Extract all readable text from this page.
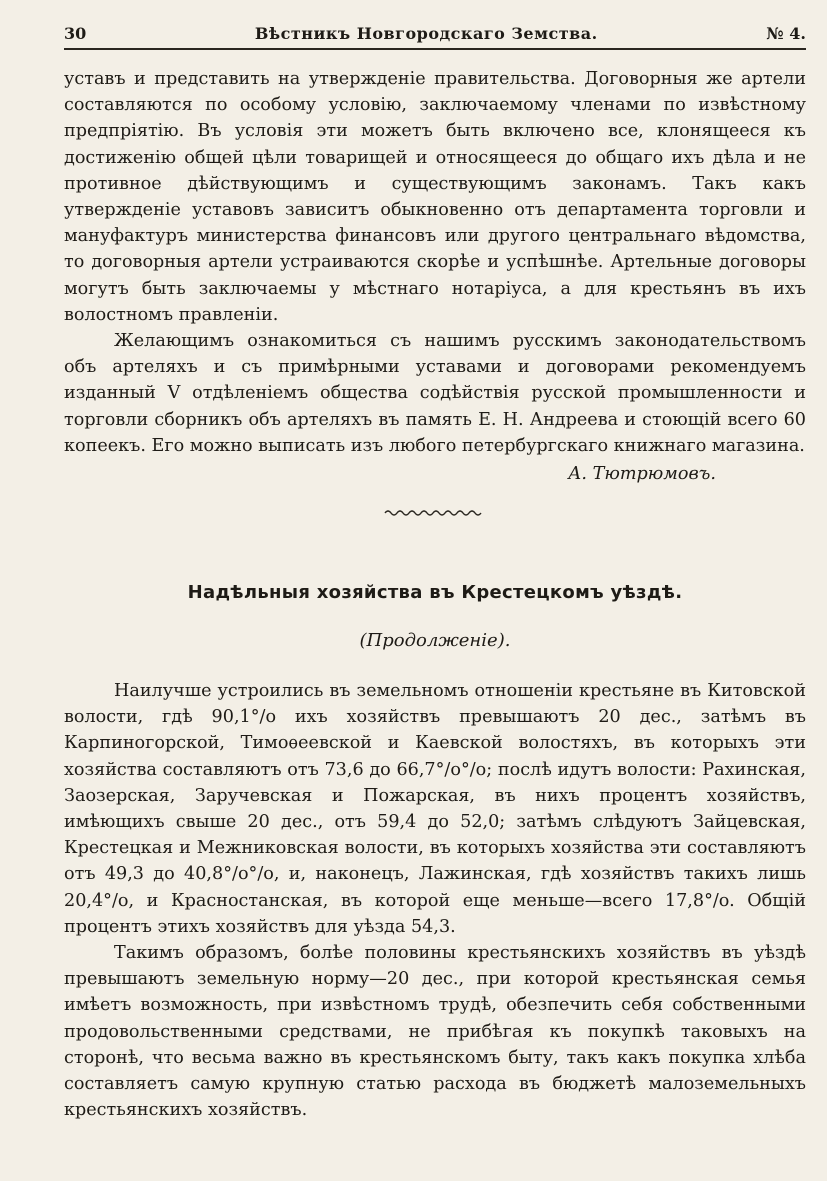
30	Вѣстникъ Новгородскаго Земства.	№ 4.

уставъ и представить на утвержденіе правительства. Договорныя же артели составляются по особому условію, заключаемому членами по извѣстному предпріятію. Въ условія эти можетъ быть включено все, клонящееся къ достиженію общей цѣли товарищей и относящееся до общаго ихъ дѣла и не противное дѣйствующимъ и существующимъ законамъ. Такъ какъ утвержденіе уставовъ зависитъ обыкновенно отъ департамента торговли и мануфактуръ министерства финансовъ или другого центральнаго вѣдомства, то договорныя артели устраиваются скорѣе и успѣшнѣе. Артельные договоры могутъ быть заключаемы у мѣстнаго нотаріуса, а для крестьянъ въ ихъ волостномъ правленіи.

Желающимъ ознакомиться съ нашимъ русскимъ законодательствомъ объ артеляхъ и съ примѣрными уставами и договорами рекомендуемъ изданный V отдѣленіемъ общества содѣйствія русской промышленности и торговли сборникъ объ артеляхъ въ память Е. Н. Андреева и стоющій всего 60 копеекъ. Его можно выписать изъ любого петербургскаго книжнаго магазина.

А. Тютрюмовъ.

Надѣльныя хозяйства въ Крестецкомъ уѣздѣ.
(Продолженіе).

Наилучше устроились въ земельномъ отношеніи крестьяне въ Китовской волости, гдѣ 90,1°/o ихъ хозяйствъ превышаютъ 20 дес., затѣмъ въ Карпиногорской, Тимоѳеевской и Каевской волостяхъ, въ которыхъ эти хозяйства составляютъ отъ 73,6 до 66,7°/o°/o; послѣ идутъ волости: Рахинская, Заозерская, Заручевская и Пожарская, въ нихъ процентъ хозяйствъ, имѣющихъ свыше 20 дес., отъ 59,4 до 52,0; затѣмъ слѣдуютъ Зайцевская, Крестецкая и Межниковская волости, въ которыхъ хозяйства эти составляютъ отъ 49,3 до 40,8°/o°/o, и, наконецъ, Лажинская, гдѣ хозяйствъ такихъ лишь 20,4°/o, и Красностанская, въ которой еще меньше—всего 17,8°/o. Общій процентъ этихъ хозяйствъ для уѣзда 54,3.

Такимъ образомъ, болѣе половины крестьянскихъ хозяйствъ въ уѣздѣ превышаютъ земельную норму—20 дес., при которой крестьянская семья имѣетъ возможность, при извѣстномъ трудѣ, обезпечить себя собственными продовольственными средствами, не прибѣгая къ покупкѣ таковыхъ на сторонѣ, что весьма важно въ крестьянскомъ быту, такъ какъ покупка хлѣба составляетъ самую крупную статью расхода въ бюджетѣ малоземельныхъ крестьянскихъ хозяйствъ.
